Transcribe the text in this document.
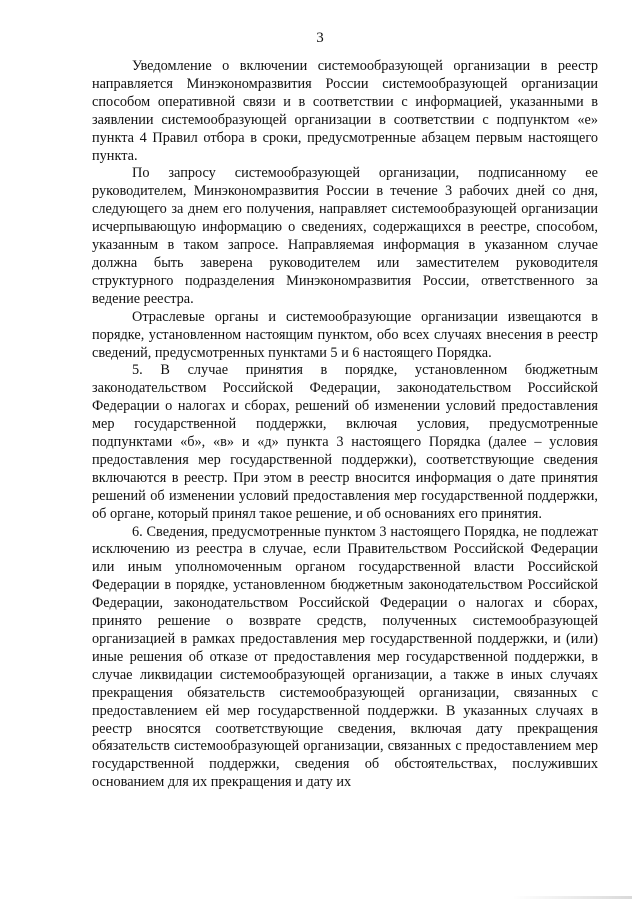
3

Уведомление о включении системообразующей организации в реестр направляется Минэкономразвития России системообразующей организации способом оперативной связи и в соответствии с информацией, указанными в заявлении системообразующей организации в соответствии с подпунктом «е» пункта 4 Правил отбора в сроки, предусмотренные абзацем первым настоящего пункта.

По запросу системообразующей организации, подписанному ее руководителем, Минэкономразвития России в течение 3 рабочих дней со дня, следующего за днем его получения, направляет системообразующей организации исчерпывающую информацию о сведениях, содержащихся в реестре, способом, указанным в таком запросе. Направляемая информация в указанном случае должна быть заверена руководителем или заместителем руководителя структурного подразделения Минэкономразвития России, ответственного за ведение реестра.

Отраслевые органы и системообразующие организации извещаются в порядке, установленном настоящим пунктом, обо всех случаях внесения в реестр сведений, предусмотренных пунктами 5 и 6 настоящего Порядка.

5. В случае принятия в порядке, установленном бюджетным законодательством Российской Федерации, законодательством Российской Федерации о налогах и сборах, решений об изменении условий предоставления мер государственной поддержки, включая условия, предусмотренные подпунктами «б», «в» и «д» пункта 3 настоящего Порядка (далее – условия предоставления мер государственной поддержки), соответствующие сведения включаются в реестр. При этом в реестр вносится информация о дате принятия решений об изменении условий предоставления мер государственной поддержки, об органе, который принял такое решение, и об основаниях его принятия.

6. Сведения, предусмотренные пунктом 3 настоящего Порядка, не подлежат исключению из реестра в случае, если Правительством Российской Федерации или иным уполномоченным органом государственной власти Российской Федерации в порядке, установленном бюджетным законодательством Российской Федерации, законодательством Российской Федерации о налогах и сборах, принято решение о возврате средств, полученных системообразующей организацией в рамках предоставления мер государственной поддержки, и (или) иные решения об отказе от предоставления мер государственной поддержки, в случае ликвидации системообразующей организации, а также в иных случаях прекращения обязательств системообразующей организации, связанных с предоставлением ей мер государственной поддержки. В указанных случаях в реестр вносятся соответствующие сведения, включая дату прекращения обязательств системообразующей организации, связанных с предоставлением мер государственной поддержки, сведения об обстоятельствах, послуживших основанием для их прекращения и дату их
